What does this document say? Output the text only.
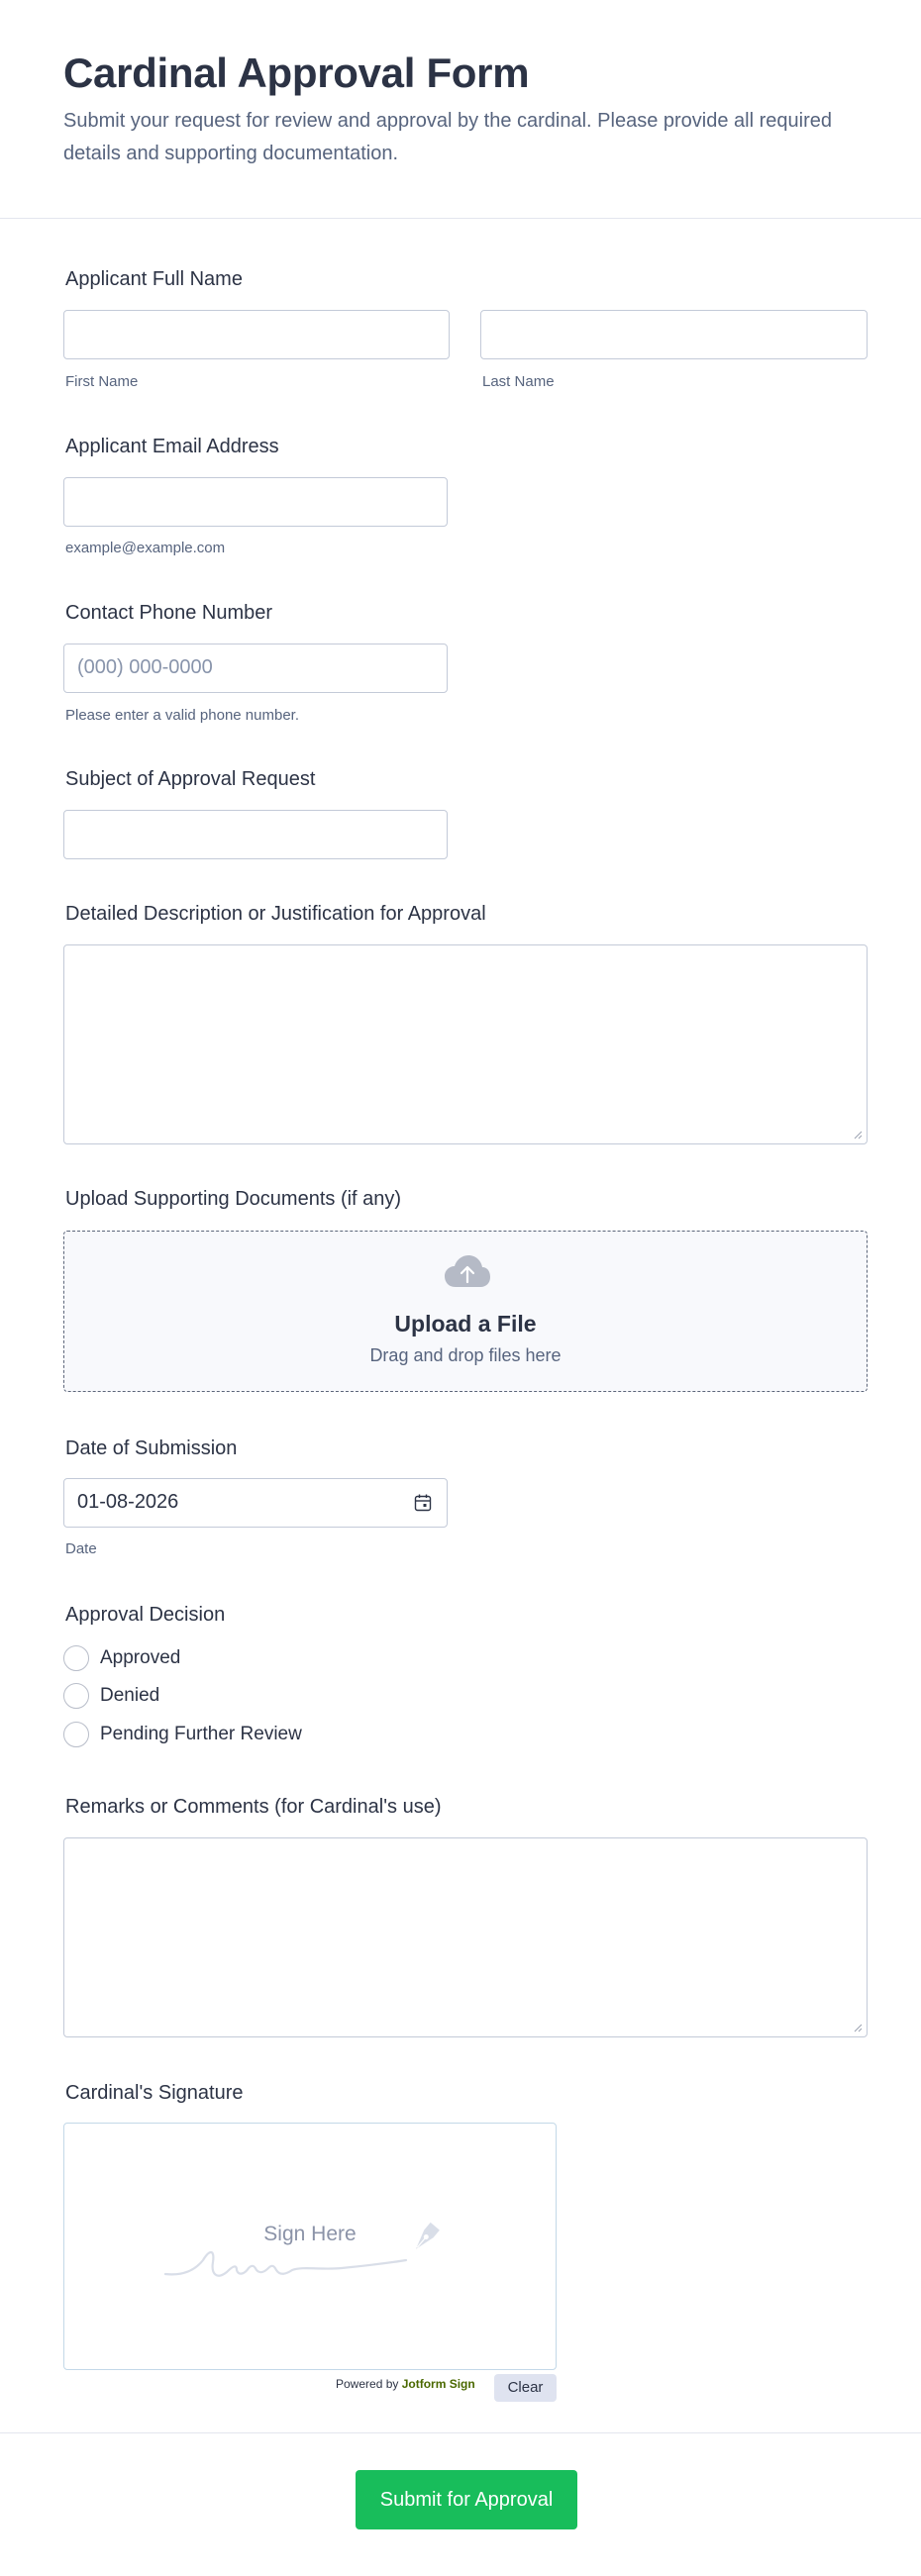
Cardinal Approval Form

Submit your request for review and approval by the cardinal. Please provide all required details and supporting documentation.

Applicant Full Name
First Name	Last Name
Applicant Email Address
example@example.com
Contact Phone Number
(000) 000-0000
Please enter a valid phone number.
Subject of Approval Request
Detailed Description or Justification for Approval
Upload Supporting Documents (if any)
Upload a File
Drag and drop files here
Date of Submission
01-08-2026
Date
Approval Decision
Approved
Denied
Pending Further Review
Remarks or Comments (for Cardinal's use)
Cardinal's Signature
Sign Here
Powered by Jotform Sign	Clear
Submit for Approval
